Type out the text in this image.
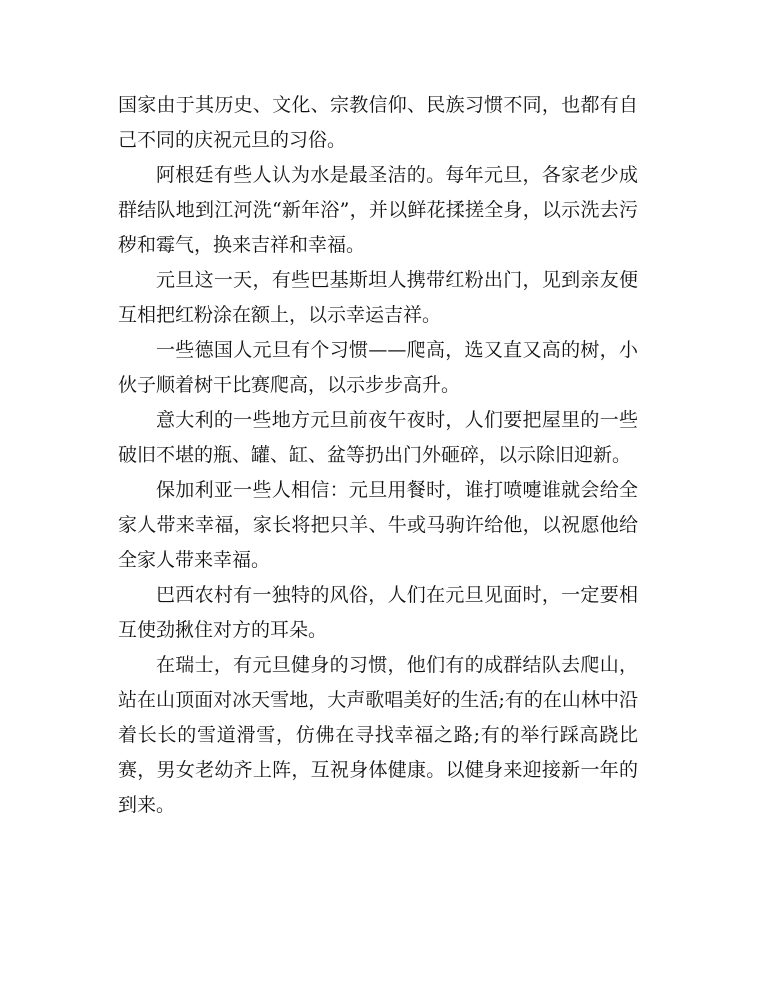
国家由于其历史、文化、宗教信仰、民族习惯不同，也都有自己不同的庆祝元旦的习俗。

阿根廷有些人认为水是最圣洁的。每年元旦，各家老少成群结队地到江河洗“新年浴”，并以鲜花揉搓全身，以示洗去污秽和霉气，换来吉祥和幸福。

元旦这一天，有些巴基斯坦人携带红粉出门，见到亲友便互相把红粉涂在额上，以示幸运吉祥。

一些德国人元旦有个习惯——爬高，选又直又高的树，小伙子顺着树干比赛爬高，以示步步高升。

意大利的一些地方元旦前夜午夜时，人们要把屋里的一些破旧不堪的瓶、罐、缸、盆等扔出门外砸碎，以示除旧迎新。

保加利亚一些人相信：元旦用餐时，谁打喷嚏谁就会给全家人带来幸福，家长将把只羊、牛或马驹许给他，以祝愿他给全家人带来幸福。

巴西农村有一独特的风俗，人们在元旦见面时，一定要相互使劲揪住对方的耳朵。

在瑞士，有元旦健身的习惯，他们有的成群结队去爬山，站在山顶面对冰天雪地，大声歌唱美好的生活;有的在山林中沿着长长的雪道滑雪，仿佛在寻找幸福之路;有的举行踩高跷比赛，男女老幼齐上阵，互祝身体健康。以健身来迎接新一年的到来。
